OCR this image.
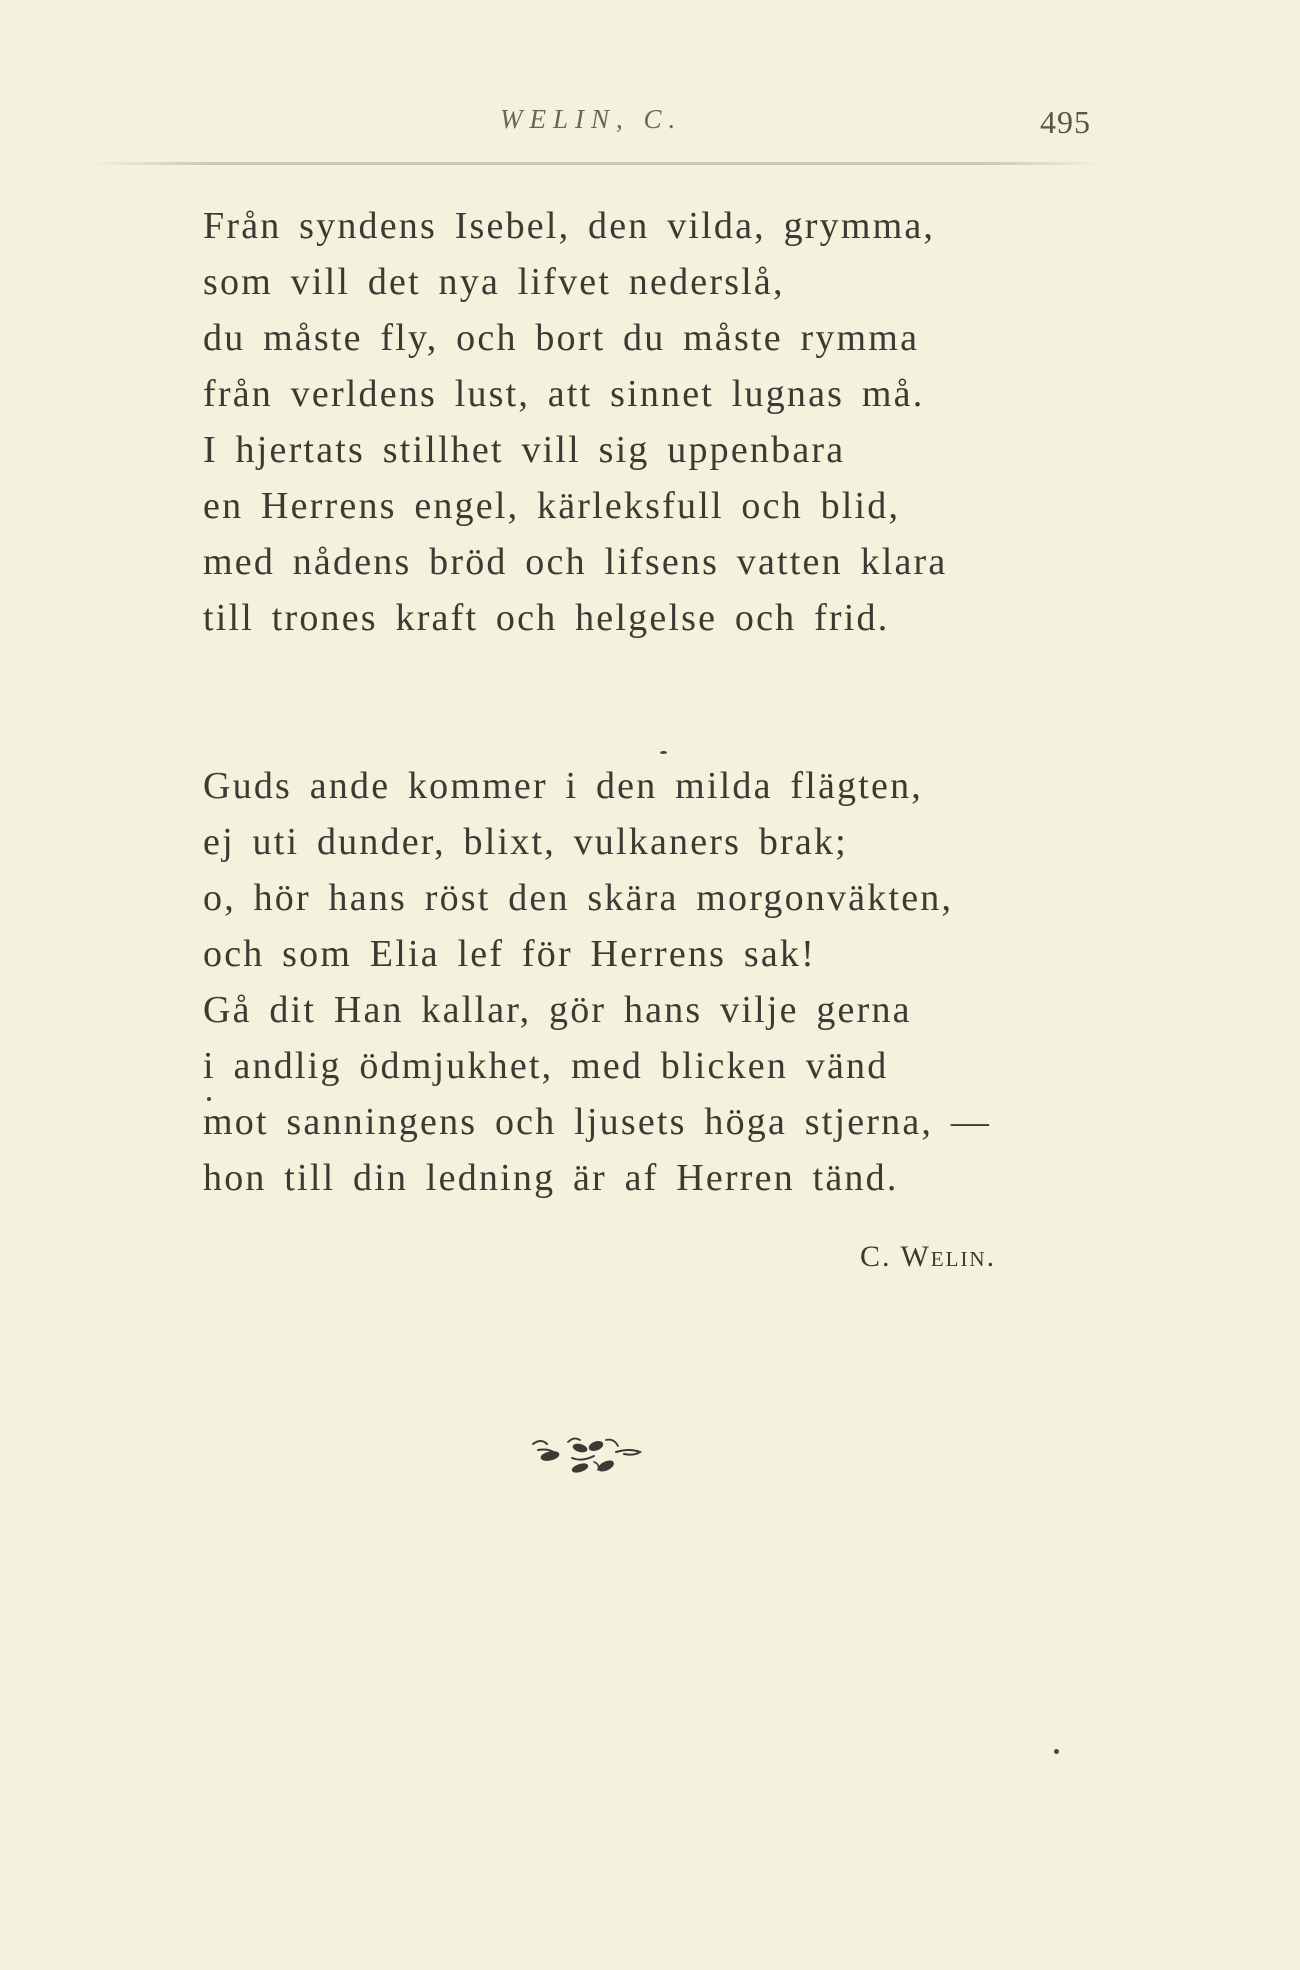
WELIN, C.	495
Från syndens Isebel, den vilda, grymma,
som vill det nya lifvet nederslå,
du måste fly, och bort du måste rymma
från verldens lust, att sinnet lugnas må.
I hjertats stillhet vill sig uppenbara
en Herrens engel, kärleksfull och blid,
med nådens bröd och lifsens vatten klara
till trones kraft och helgelse och frid.
Guds ande kommer i den milda flägten,
ej uti dunder, blixt, vulkaners brak;
o, hör hans röst den skära morgonväkten,
och som Elia lef för Herrens sak!
Gå dit Han kallar, gör hans vilje gerna
i andlig ödmjukhet, med blicken vänd
mot sanningens och ljusets höga stjerna, —
hon till din ledning är af Herren tänd.
C. Welin.
